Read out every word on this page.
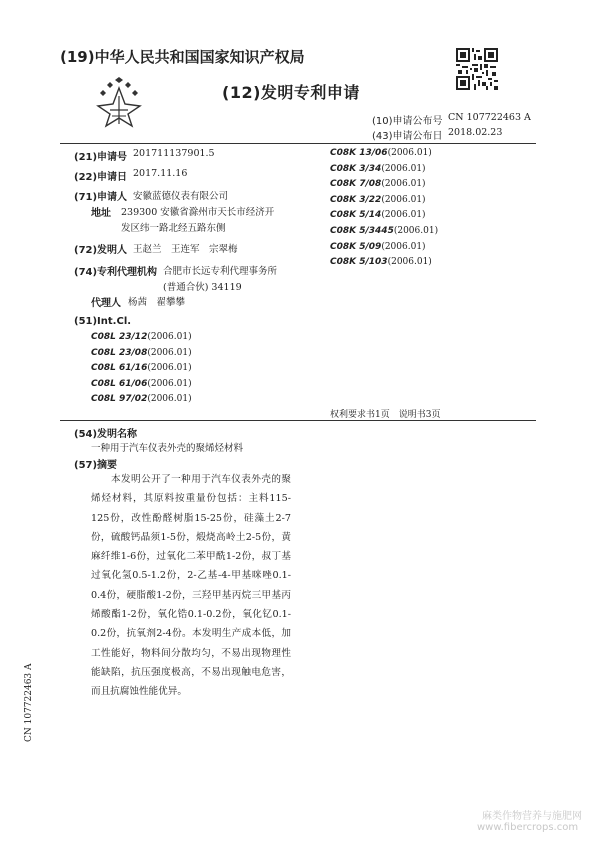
(19)中华人民共和国国家知识产权局
(12)发明专利申请
(10)申请公布号 CN 107722463 A
(43)申请公布日 2018.02.23
(21)申请号 201711137901.5
(22)申请日 2017.11.16
(71)申请人 安徽蓝德仪表有限公司
地址 239300 安徽省滁州市天长市经济开
发区纬一路北经五路东侧
(72)发明人 王赵兰　王连军　宗翠梅
(74)专利代理机构 合肥市长远专利代理事务所
(普通合伙) 34119
代理人 杨茜　翟攀攀
(51)Int.Cl.
C08L 23/12(2006.01)
C08L 23/08(2006.01)
C08L 61/16(2006.01)
C08L 61/06(2006.01)
C08L 97/02(2006.01)
C08K 13/06(2006.01)
C08K 3/34(2006.01)
C08K 7/08(2006.01)
C08K 3/22(2006.01)
C08K 5/14(2006.01)
C08K 5/3445(2006.01)
C08K 5/09(2006.01)
C08K 5/103(2006.01)
权利要求书1页　说明书3页
(54)发明名称
一种用于汽车仪表外壳的聚烯烃材料
(57)摘要
本发明公开了一种用于汽车仪表外壳的聚烯烃材料，其原料按重量份包括：主料115-125份，改性酚醛树脂15-25份，硅藻土2-7份，硫酸钙晶须1-5份，煅烧高岭土2-5份，黄麻纤维1-6份，过氧化二苯甲酰1-2份，叔丁基过氧化氢0.5-1.2份，2-乙基-4-甲基咪唑0.1-0.4份，硬脂酸1-2份，三羟甲基丙烷三甲基丙烯酸酯1-2份，氧化锆0.1-0.2份，氧化钇0.1-0.2份，抗氧剂2-4份。本发明生产成本低，加工性能好，物料间分散均匀，不易出现物理性能缺陷，抗压强度极高，不易出现触电危害，而且抗腐蚀性能优异。
CN 107722463 A
麻类作物营养与施肥网
www.fibercrops.com
